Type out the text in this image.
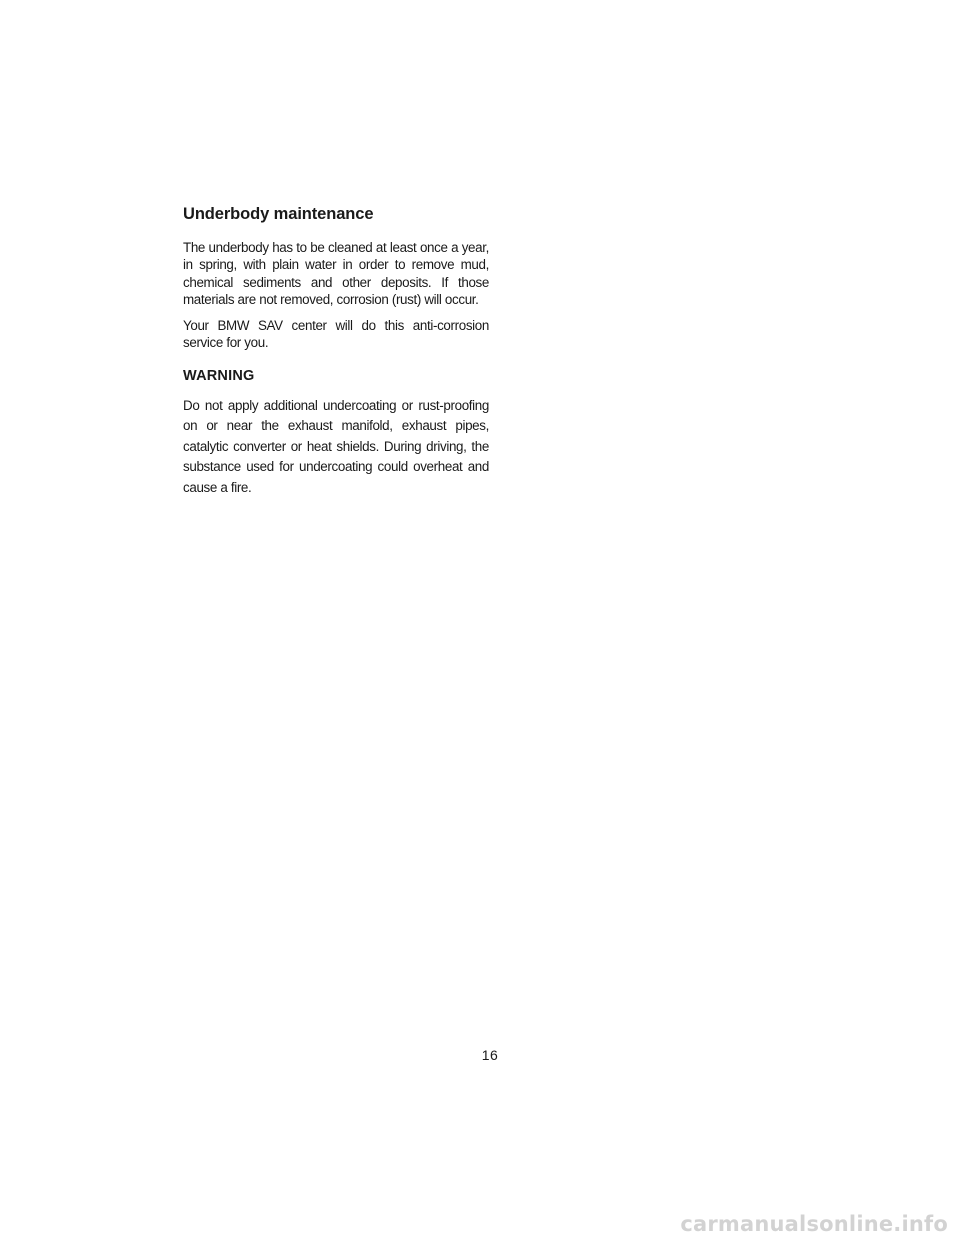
Underbody maintenance

The underbody has to be cleaned at least once a year, in spring, with plain water in order to remove mud, chemical sediments and other deposits. If those materials are not removed, corrosion (rust) will occur.

Your BMW SAV center will do this anti-corrosion service for you.

WARNING

Do not apply additional undercoating or rust-proofing on or near the exhaust manifold, exhaust pipes, catalytic converter or heat shields. During driving, the substance used for undercoating could overheat and cause a fire.

16
carmanualsonline.info
